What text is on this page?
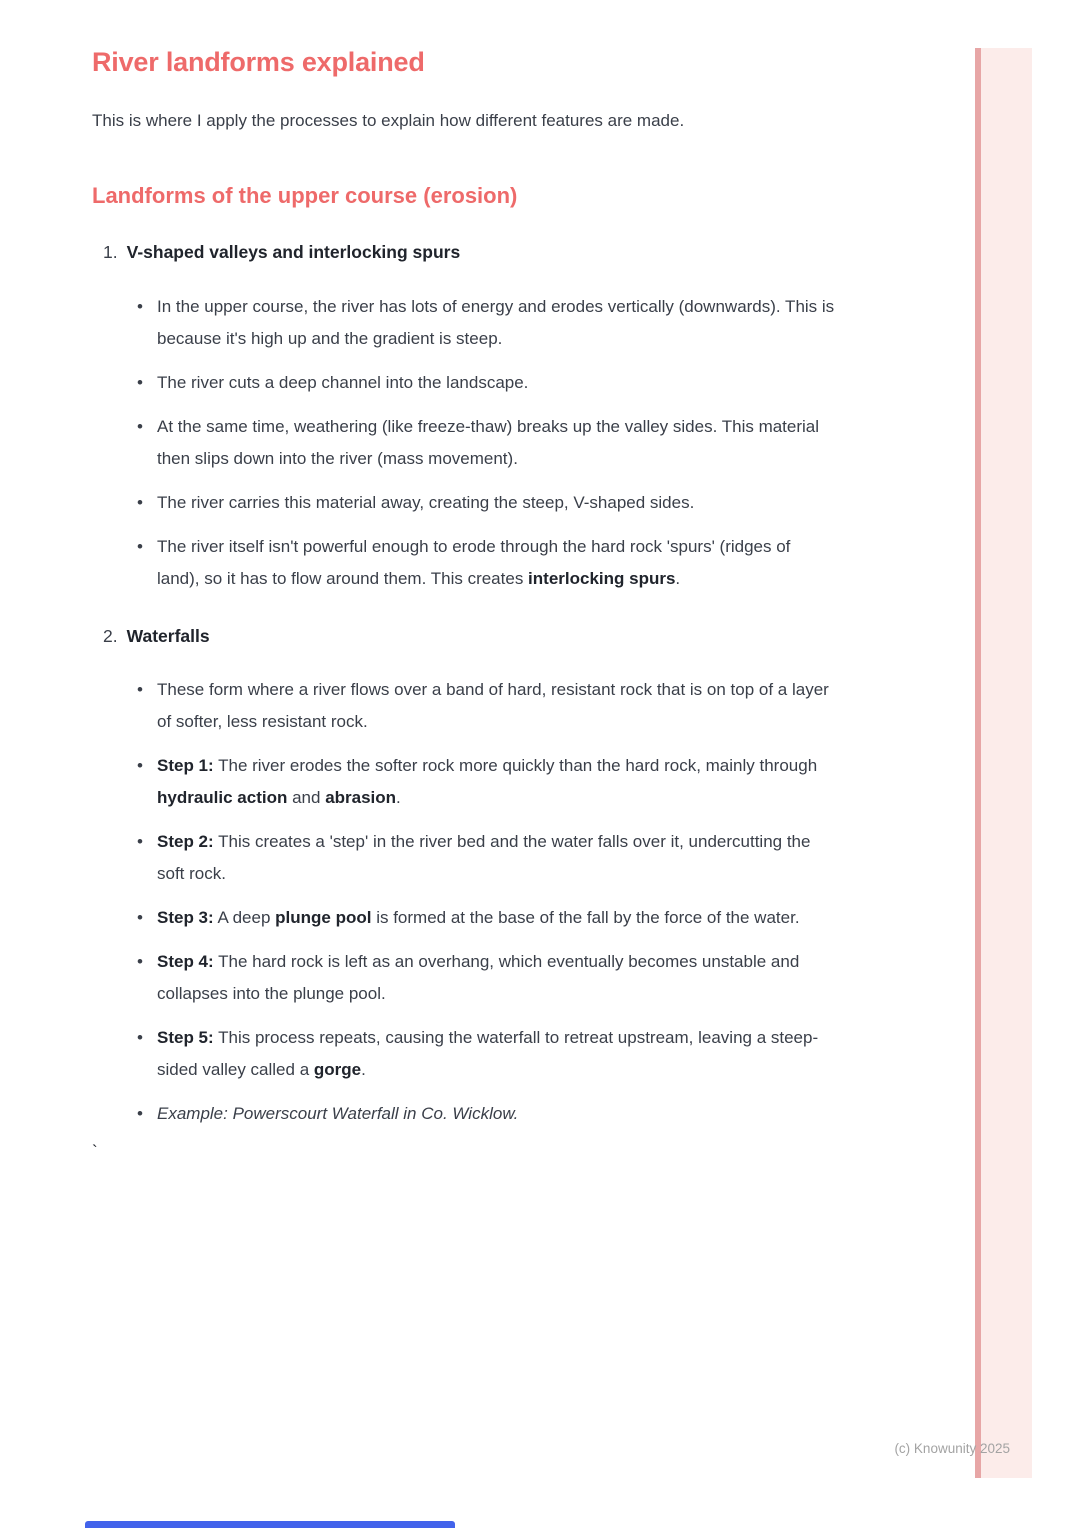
River landforms explained

This is where I apply the processes to explain how different features are made.

Landforms of the upper course (erosion)
1. V-shaped valleys and interlocking spurs
• In the upper course, the river has lots of energy and erodes vertically (downwards). This is because it's high up and the gradient is steep.
• The river cuts a deep channel into the landscape.
• At the same time, weathering (like freeze-thaw) breaks up the valley sides. This material then slips down into the river (mass movement).
• The river carries this material away, creating the steep, V-shaped sides.
• The river itself isn't powerful enough to erode through the hard rock 'spurs' (ridges of land), so it has to flow around them. This creates interlocking spurs.
2. Waterfalls
• These form where a river flows over a band of hard, resistant rock that is on top of a layer of softer, less resistant rock.
• Step 1: The river erodes the softer rock more quickly than the hard rock, mainly through hydraulic action and abrasion.
• Step 2: This creates a 'step' in the river bed and the water falls over it, undercutting the soft rock.
• Step 3: A deep plunge pool is formed at the base of the fall by the force of the water.
• Step 4: The hard rock is left as an overhang, which eventually becomes unstable and collapses into the plunge pool.
• Step 5: This process repeats, causing the waterfall to retreat upstream, leaving a steep-sided valley called a gorge.
• Example: Powerscourt Waterfall in Co. Wicklow.

`

(c) Knowunity 2025
